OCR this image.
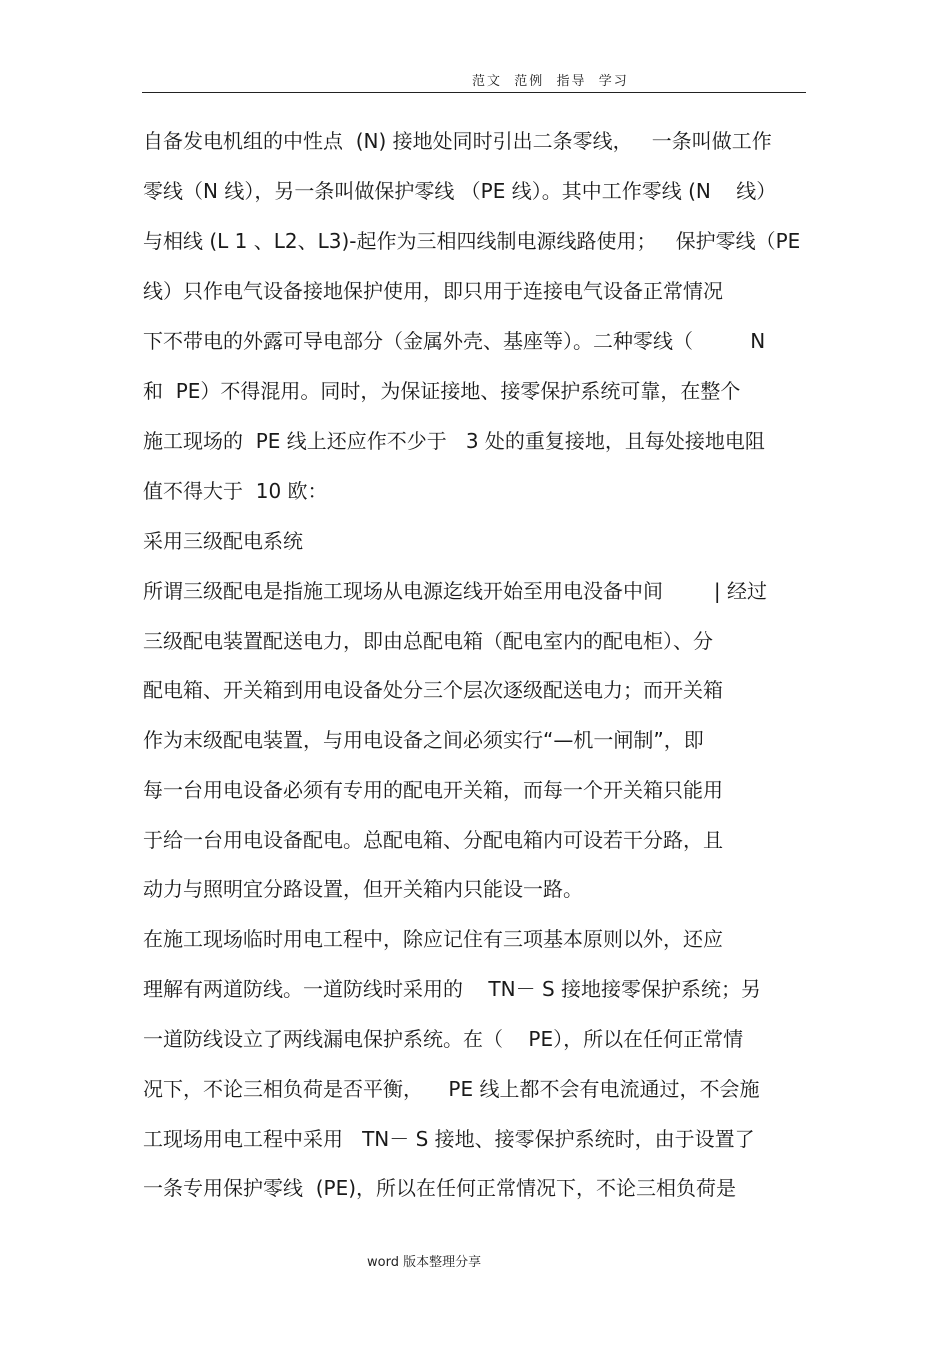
范文  范例  指导  学习
自备发电机组的中性点  (N) 接地处同时引出二条零线，   一条叫做工作
零线（N 线），另一条叫做保护零线 （PE 线）。其中工作零线 (N    线）
与相线 (L 1 、L2、L3)-起作为三相四线制电源线路使用；   保护零线（PE
线）只作电气设备接地保护使用，即只用于连接电气设备正常情况
下不带电的外露可导电部分（金属外壳、基座等）。二种零线（         N
和  PE）不得混用。同时，为保证接地、接零保护系统可靠，在整个
施工现场的  PE 线上还应作不少于   3 处的重复接地，且每处接地电阻
值不得大于  10 欧：
采用三级配电系统
所谓三级配电是指施工现场从电源迄线开始至用电没备中间        | 经过
三级配电装置配送电力，即由总配电箱（配电室内的配电柜）、分
配电箱、开关箱到用电设备处分三个层次逐级配送电力；而开关箱
作为末级配电装置，与用电设备之间必须实行“—机一闸制”，即
每一台用电设备必须有专用的配电开关箱，而每一个开关箱只能用
于给一台用电设备配电。总配电箱、分配电箱内可设若干分路，且
动力与照明宜分路设置，但开关箱内只能设一路。
在施工现场临时用电工程中，除应记住有三项基本原则以外，还应
理解有两道防线。一道防线时采用的    TN－ S 接地接零保护系统；另
一道防线设立了两线漏电保护系统。在（    PE），所以在任何正常情
况下，不论三相负荷是否平衡，    PE 线上都不会有电流通过，不会施
工现场用电工程中采用   TN－ S 接地、接零保护系统时，由于设置了
一条专用保护零线  (PE)，所以在任何正常情况下，不论三相负荷是
word 版本整理分享
